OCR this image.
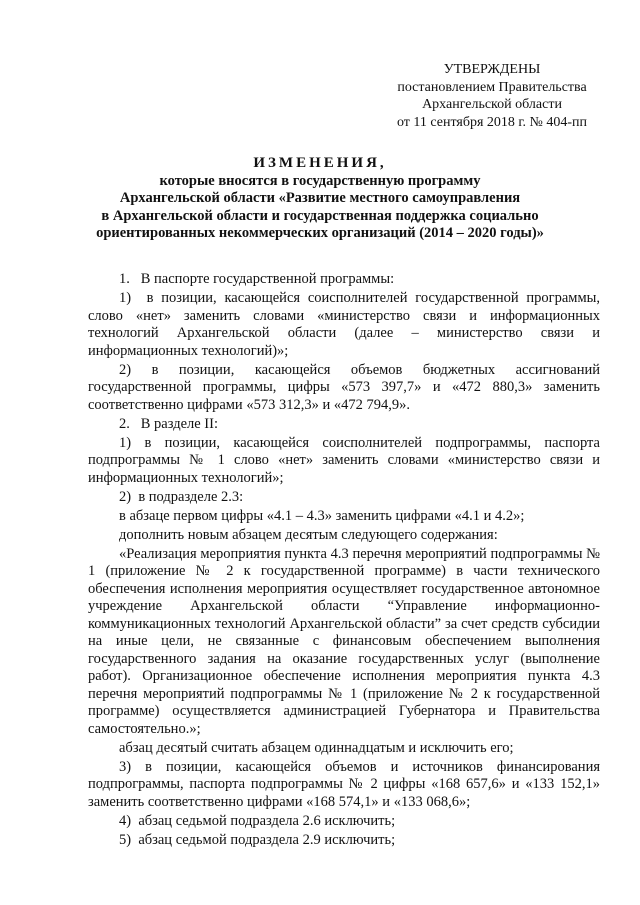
УТВЕРЖДЕНЫ
постановлением Правительства
Архангельской области
от 11 сентября 2018 г. № 404-пп
ИЗМЕНЕНИЯ,
которые вносятся в государственную программу
Архангельской области «Развитие местного самоуправления
в Архангельской области и государственная поддержка социально
ориентированных некоммерческих организаций (2014 – 2020 годы)»

1.   В паспорте государственной программы:

1)  в позиции, касающейся соисполнителей государственной программы, слово «нет» заменить словами «министерство связи и информационных технологий Архангельской области (далее – министерство связи и информационных технологий)»;

2) в позиции, касающейся объемов бюджетных ассигнований государственной программы, цифры «573 397,7» и «472 880,3» заменить соответственно цифрами «573 312,3» и «472 794,9».

2.   В разделе II:

1) в позиции, касающейся соисполнителей подпрограммы, паспорта подпрограммы № 1 слово «нет» заменить словами «министерство связи и информационных технологий»;

2)  в подразделе 2.3:

в абзаце первом цифры «4.1 – 4.3» заменить цифрами «4.1 и 4.2»;

дополнить новым абзацем десятым следующего содержания:

«Реализация мероприятия пункта 4.3 перечня мероприятий подпрограммы № 1 (приложение № 2 к государственной программе) в части технического обеспечения исполнения мероприятия осуществляет государственное автономное учреждение Архангельской области “Управление информационно-коммуникационных технологий Архангельской области” за счет средств субсидии на иные цели, не связанные с финансовым обеспечением выполнения государственного задания на оказание государственных услуг (выполнение работ). Организационное обеспечение исполнения мероприятия пункта 4.3 перечня мероприятий подпрограммы № 1 (приложение № 2 к государственной программе) осуществляется администрацией Губернатора и Правительства самостоятельно.»;

абзац десятый считать абзацем одиннадцатым и исключить его;

3) в позиции, касающейся объемов и источников финансирования подпрограммы, паспорта подпрограммы № 2 цифры «168 657,6» и «133 152,1» заменить соответственно цифрами «168 574,1» и «133 068,6»;

4)  абзац седьмой подраздела 2.6 исключить;

5)  абзац седьмой подраздела 2.9 исключить;
